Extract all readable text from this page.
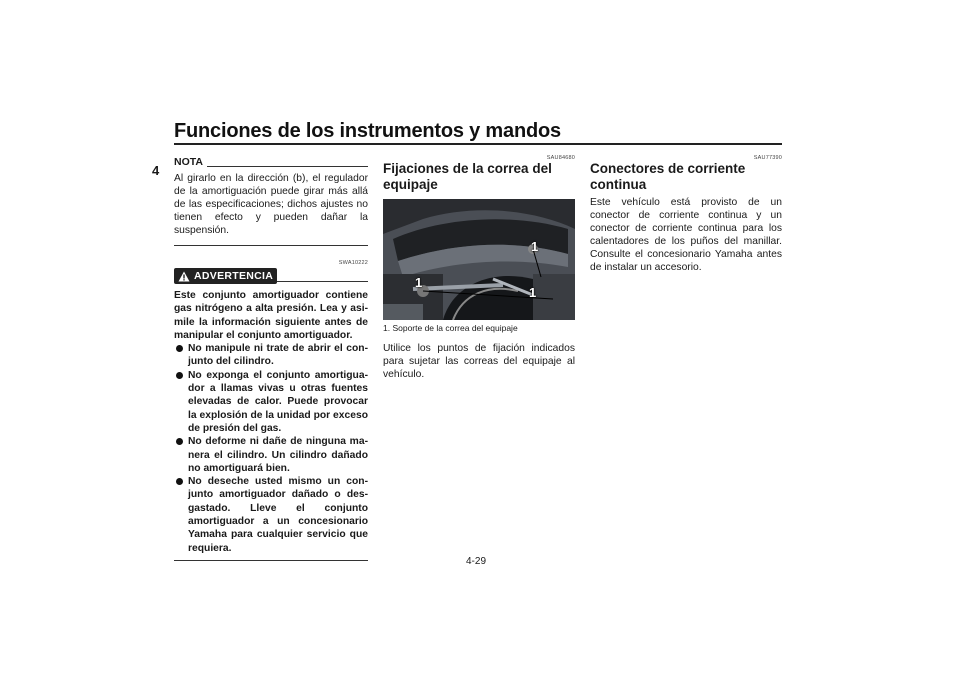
Funciones de los instrumentos y mandos
4
NOTA

Al girarlo en la dirección (b), el regulador de la amortiguación puede girar más allá de las especificaciones; dichos ajustes no tienen efecto y pueden dañar la suspensión.

SWA10222
ADVERTENCIA

Este conjunto amortiguador contiene gas nitrógeno a alta presión. Lea y asimile la información siguiente antes de manipular el conjunto amortiguador.

No manipule ni trate de abrir el conjunto del cilindro.
No exponga el conjunto amortiguador a llamas vivas u otras fuentes elevadas de calor. Puede provocar la explosión de la unidad por exceso de presión del gas.
No deforme ni dañe de ninguna manera el cilindro. Un cilindro dañado no amortiguará bien.
No deseche usted mismo un conjunto amortiguador dañado o desgastado. Lleve el conjunto amortiguador a un concesionario Yamaha para cualquier servicio que requiera.
SAU84680
Fijaciones de la correa del equipaje
1
1
1
1. Soporte de la correa del equipaje

Utilice los puntos de fijación indicados para sujetar las correas del equipaje al vehículo.

SAU77390
Conectores de corriente continua

Este vehículo está provisto de un conector de corriente continua y un conector de corriente continua para los calentadores de los puños del manillar. Consulte el concesionario Yamaha antes de instalar un accesorio.

4-29
